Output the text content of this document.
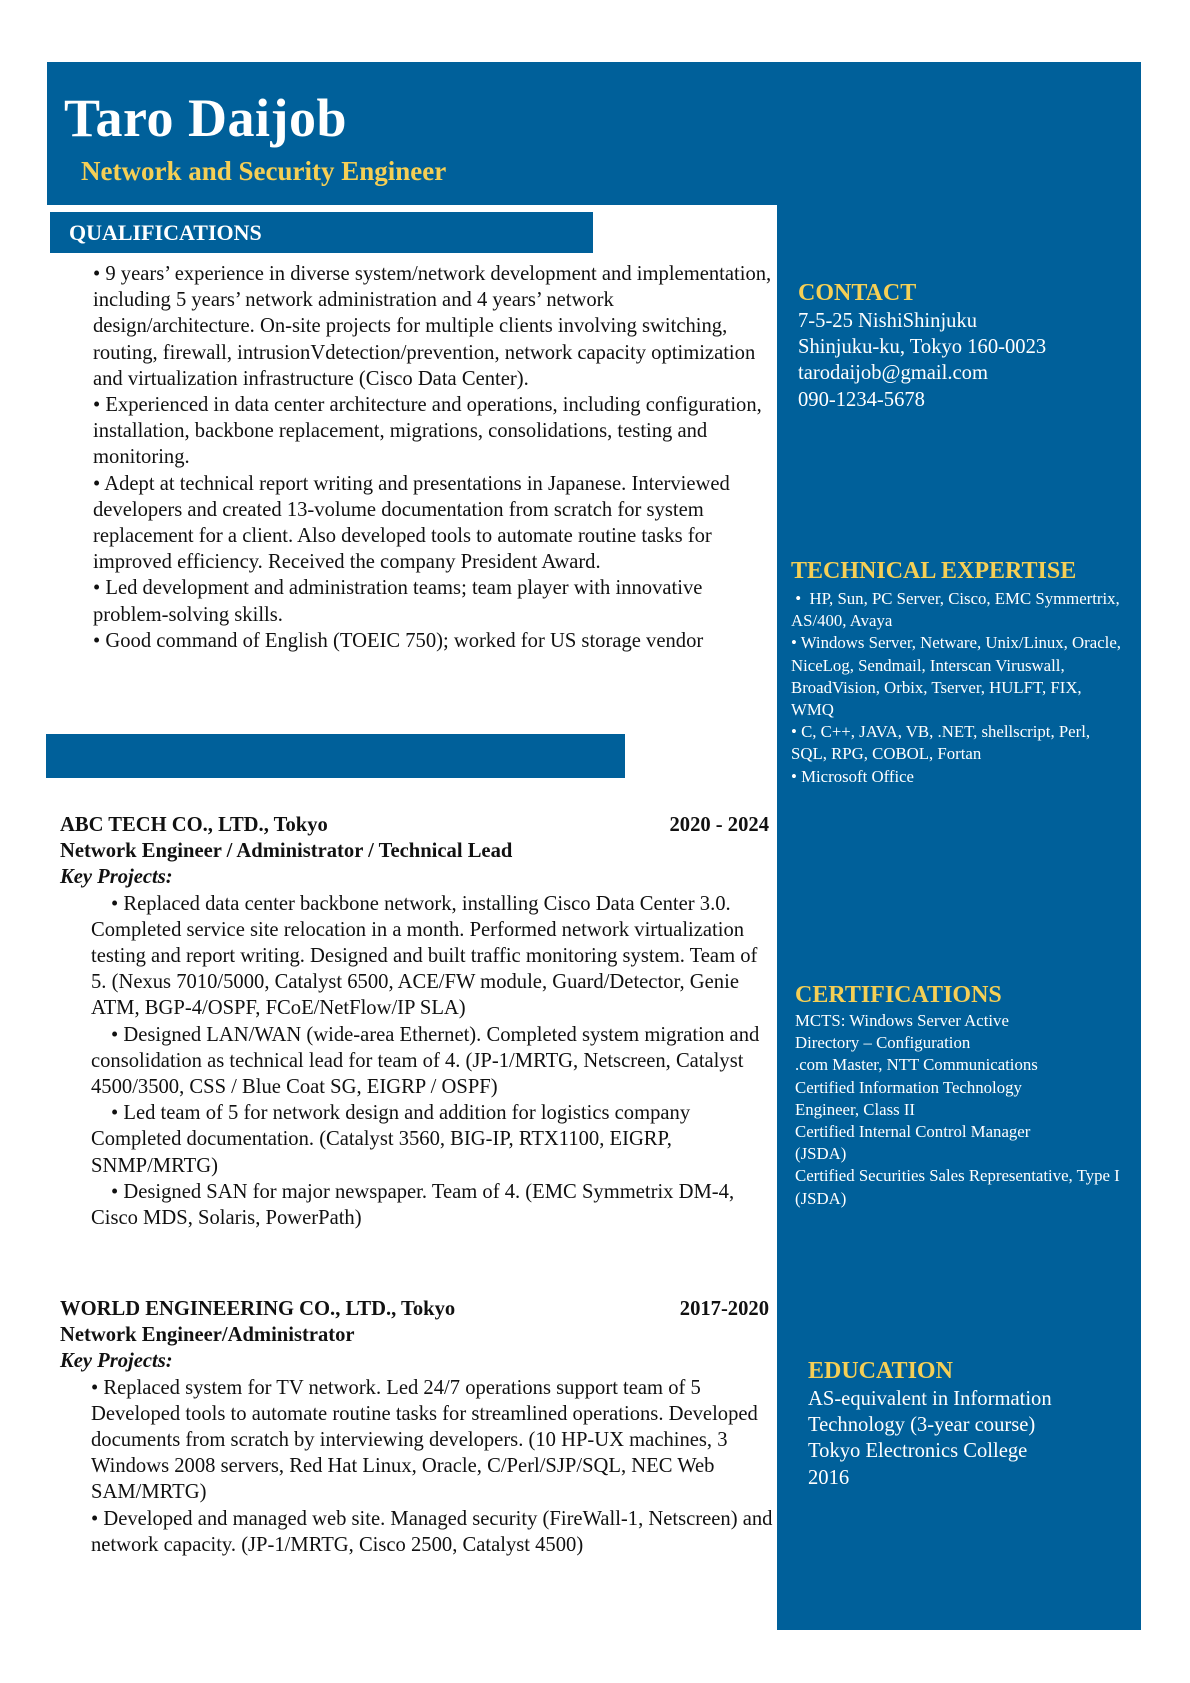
Taro Daijob
Network and Security Engineer
QUALIFICATIONS

• 9 years’ experience in diverse system/network development and implementation, including 5 years’ network administration and 4 years’ network design/architecture. On-site projects for multiple clients involving switching, routing, firewall, intrusionVdetection/prevention, network capacity optimization and virtualization infrastructure (Cisco Data Center).

• Experienced in data center architecture and operations, including configuration, installation, backbone replacement, migrations, consolidations, testing and monitoring.

• Adept at technical report writing and presentations in Japanese. Interviewed developers and created 13-volume documentation from scratch for system replacement for a client. Also developed tools to automate routine tasks for improved efficiency. Received the company President Award.

• Led development and administration teams; team player with innovative problem-solving skills.

• Good command of English (TOEIC 750); worked for US storage vendor

ABC TECH CO., LTD., Tokyo	2020 - 2024
Network Engineer / Administrator / Technical Lead
Key Projects:

• Replaced data center backbone network, installing Cisco Data Center 3.0. Completed service site relocation in a month. Performed network virtualization testing and report writing. Designed and built traffic monitoring system. Team of 5. (Nexus 7010/5000, Catalyst 6500, ACE/FW module, Guard/Detector, Genie ATM, BGP-4/OSPF, FCoE/NetFlow/IP SLA)

• Designed LAN/WAN (wide-area Ethernet). Completed system migration and consolidation as technical lead for team of 4. (JP-1/MRTG, Netscreen, Catalyst 4500/3500, CSS / Blue Coat SG, EIGRP / OSPF)

• Led team of 5 for network design and addition for logistics company Completed documentation. (Catalyst 3560, BIG-IP, RTX1100, EIGRP, SNMP/MRTG)

• Designed SAN for major newspaper. Team of 4. (EMC Symmetrix DM-4, Cisco MDS, Solaris, PowerPath)

WORLD ENGINEERING CO., LTD., Tokyo	2017-2020
Network Engineer/Administrator
Key Projects:

• Replaced system for TV network. Led 24/7 operations support team of 5 Developed tools to automate routine tasks for streamlined operations. Developed documents from scratch by interviewing developers. (10 HP-UX machines, 3 Windows 2008 servers, Red Hat Linux, Oracle, C/Perl/SJP/SQL, NEC Web SAM/MRTG)

• Developed and managed web site. Managed security (FireWall-1, Netscreen) and network capacity. (JP-1/MRTG, Cisco 2500, Catalyst 4500)

CONTACT
7-5-25 NishiShinjuku
Shinjuku-ku, Tokyo 160-0023
tarodaijob@gmail.com
090-1234-5678
TECHNICAL EXPERTISE
•  HP, Sun, PC Server, Cisco, EMC Symmertrix, AS/400, Avaya
• Windows Server, Netware, Unix/Linux, Oracle, NiceLog, Sendmail, Interscan Viruswall, BroadVision, Orbix, Tserver, HULFT, FIX, WMQ
• C, C++, JAVA, VB, .NET, shellscript, Perl, SQL, RPG, COBOL, Fortan
• Microsoft Office
CERTIFICATIONS
MCTS: Windows Server Active Directory – Configuration
.com Master, NTT Communications
Certified Information Technology Engineer, Class II
Certified Internal Control Manager (JSDA)
Certified Securities Sales Representative, Type I (JSDA)
EDUCATION
AS-equivalent in Information
Technology (3-year course)
Tokyo Electronics College
2016
